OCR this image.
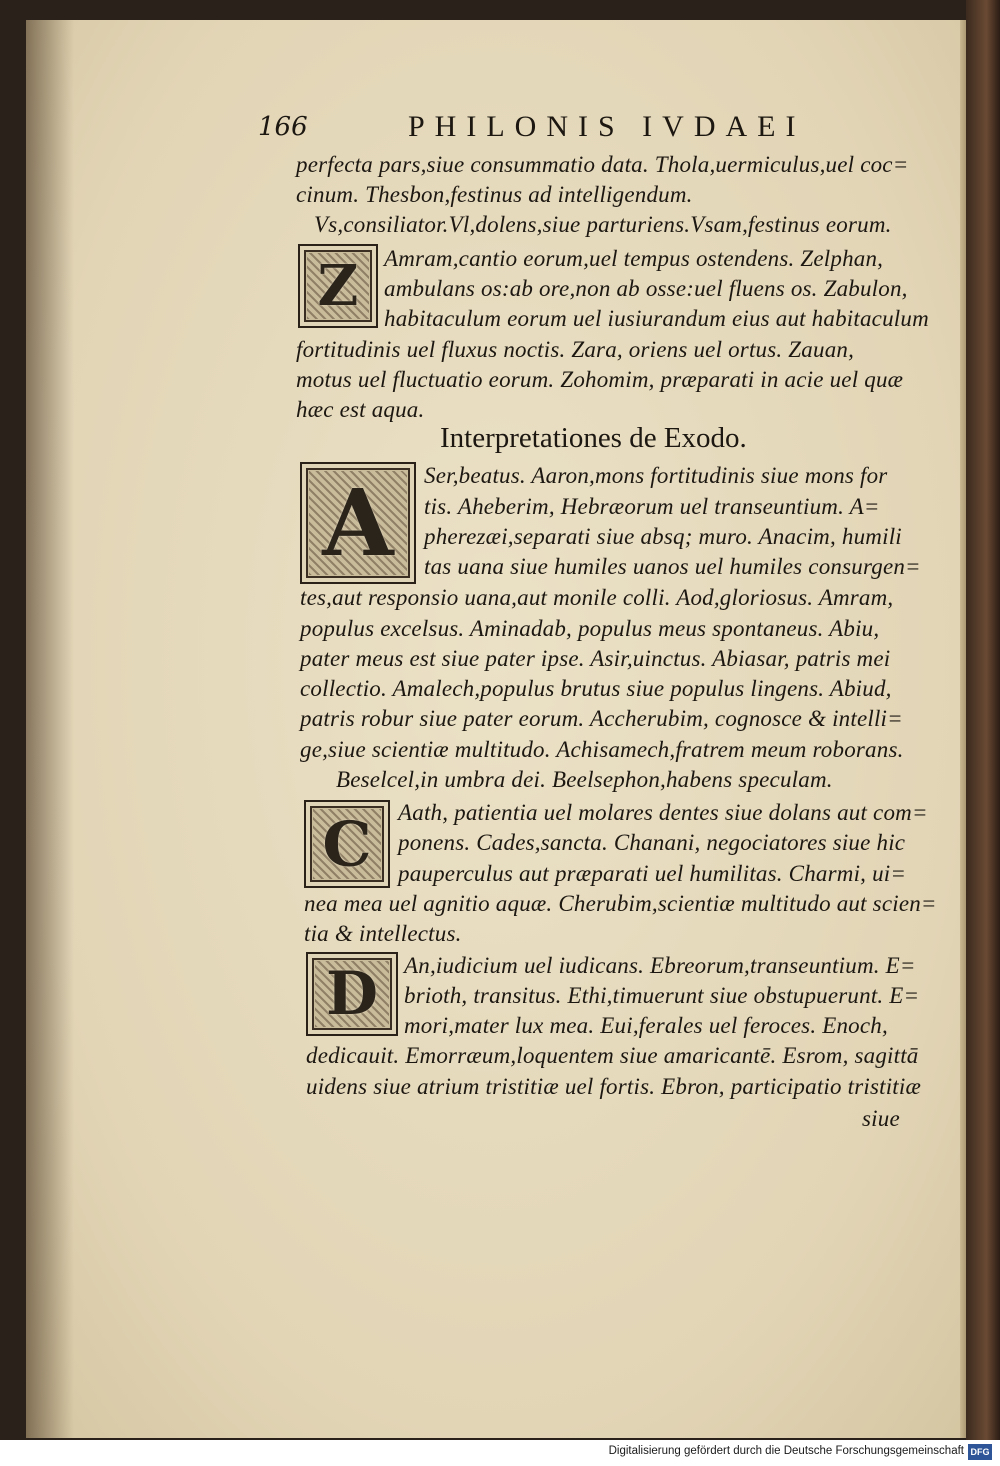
166	PHILONIS IVDAEI
perfecta pars,siue consummatio data. Thola,uermiculus,uel coc=
cinum. Thesbon,festinus ad intelligendum.
Vs,consiliator.Vl,dolens,siue parturiens.Vsam,festinus eorum.
Z	Amram,cantio eorum,uel tempus ostendens. Zelphan,
ambulans os:ab ore,non ab osse:uel fluens os. Zabulon,
habitaculum eorum uel iusiurandum eius aut habitaculum
fortitudinis uel fluxus noctis. Zara, oriens uel ortus. Zauan,
motus uel fluctuatio eorum. Zohomim, præparati in acie uel quæ
hæc est aqua.
Interpretationes de Exodo.
A	Ser,beatus. Aaron,mons fortitudinis siue mons for
tis. Aheberim, Hebræorum uel transeuntium. A=
pherezæi,separati siue absq; muro. Anacim, humili
tas uana siue humiles uanos uel humiles consurgen=
tes,aut responsio uana,aut monile colli. Aod,gloriosus. Amram,
populus excelsus. Aminadab, populus meus spontaneus. Abiu,
pater meus est siue pater ipse. Asir,uinctus. Abiasar, patris mei
collectio. Amalech,populus brutus siue populus lingens. Abiud,
patris robur siue pater eorum. Accherubim, cognosce & intelli=
ge,siue scientiæ multitudo. Achisamech,fratrem meum roborans.
Beselcel,in umbra dei. Beelsephon,habens speculam.
C	Aath, patientia uel molares dentes siue dolans aut com=
ponens. Cades,sancta. Chanani, negociatores siue hic
pauperculus aut præparati uel humilitas. Charmi, ui=
nea mea uel agnitio aquæ. Cherubim,scientiæ multitudo aut scien=
tia & intellectus.
D	An,iudicium uel iudicans. Ebreorum,transeuntium. E=
brioth, transitus. Ethi,timuerunt siue obstupuerunt. E=
mori,mater lux mea. Eui,ferales uel feroces. Enoch,
dedicauit. Emorræum,loquentem siue amaricantē. Esrom, sagittā
uidens siue atrium tristitiæ uel fortis. Ebron, participatio tristitiæ
siue
Digitalisierung gefördert durch die Deutsche Forschungsgemeinschaft DFG
